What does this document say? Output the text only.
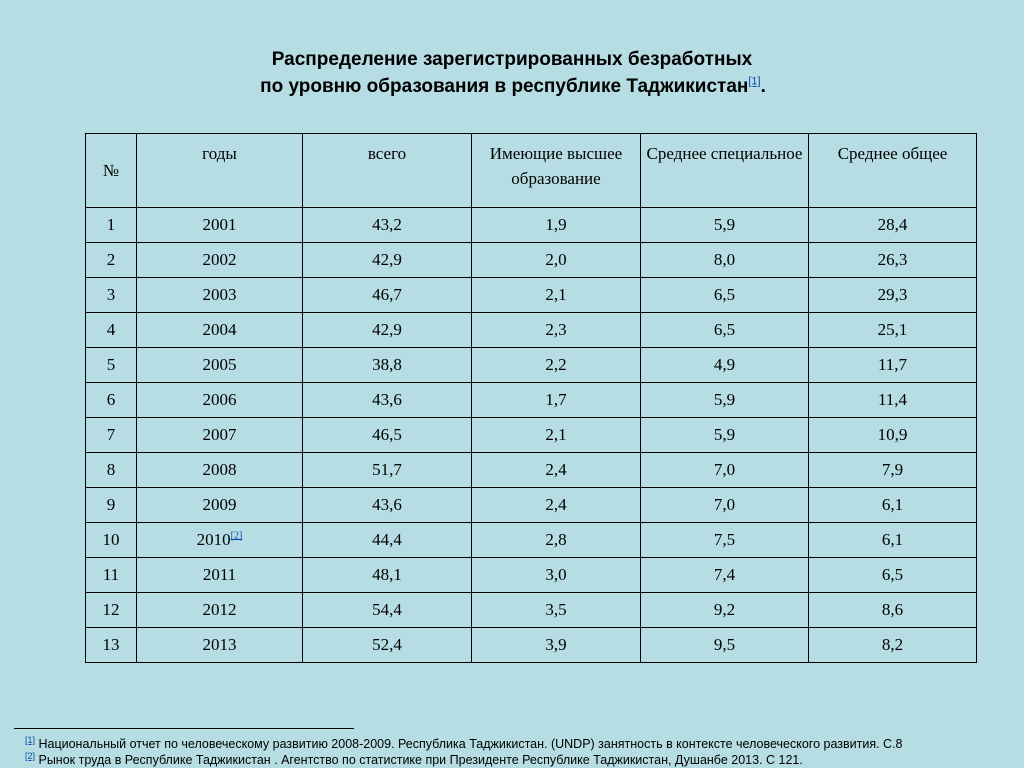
Распределение зарегистрированных безработных
по уровню образования в республике Таджикистан[1].
№	годы	всего	Имеющие высшее образование	Среднее специальное	Среднее общее
1	2001	43,2	1,9	5,9	28,4
2	2002	42,9	2,0	8,0	26,3
3	2003	46,7	2,1	6,5	29,3
4	2004	42,9	2,3	6,5	25,1
5	2005	38,8	2,2	4,9	11,7
6	2006	43,6	1,7	5,9	11,4
7	2007	46,5	2,1	5,9	10,9
8	2008	51,7	2,4	7,0	7,9
9	2009	43,6	2,4	7,0	6,1
10	2010[2]	44,4	2,8	7,5	6,1
11	2011	48,1	3,0	7,4	6,5
12	2012	54,4	3,5	9,2	8,6
13	2013	52,4	3,9	9,5	8,2
[1] Национальный отчет по человеческому развитию 2008-2009. Республика Таджикистан. (UNDP) занятность в контексте человеческого развития. С.8
[2] Рынок труда в Республике Таджикистан . Агентство по статистике при Президенте Республике Таджикистан, Душанбе 2013. С 121.
